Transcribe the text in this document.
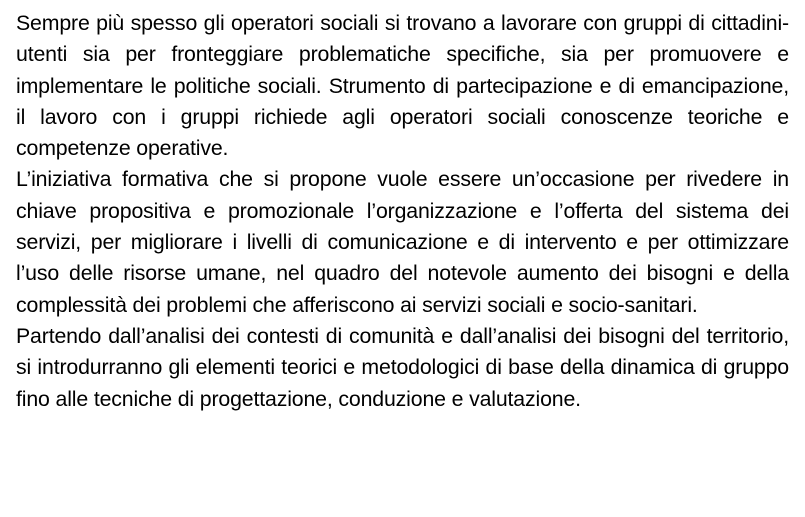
Sempre più spesso gli operatori sociali si trovano a lavorare con gruppi di cittadini-utenti sia per fronteggiare problematiche specifiche, sia per promuovere e implementare le politiche sociali. Strumento di partecipazione e di emancipazione, il lavoro con i gruppi richiede agli operatori sociali conoscenze teoriche e competenze operative.

L’iniziativa formativa che si propone vuole essere un’occasione per rivedere in chiave propositiva e promozionale l’organizzazione e l’offerta del sistema dei servizi, per migliorare i livelli di comunicazione e di intervento e per ottimizzare l’uso delle risorse umane, nel quadro del notevole aumento dei bisogni e della complessità dei problemi che afferiscono ai servizi sociali e socio-sanitari.

Partendo dall’analisi dei contesti di comunità e dall’analisi dei bisogni del territorio, si introdurranno gli elementi teorici e metodologici di base della dinamica di gruppo fino alle tecniche di progettazione, conduzione e valutazione.
